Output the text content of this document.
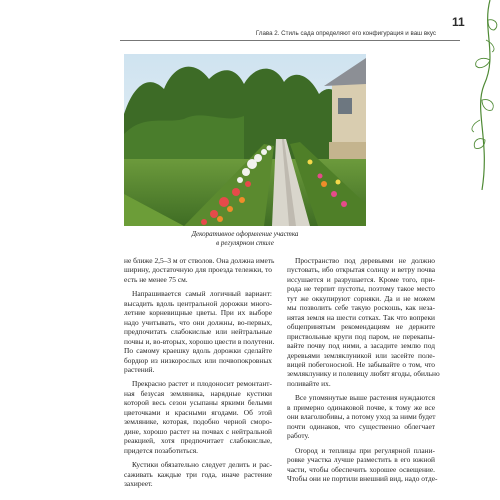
11
Глава 2. Стиль сада определяют его конфигурация и ваш вкус
Декоративное оформление участка
в регулярном стиле
не ближе 2,5–3 м от стволов. Она должна иметь
ширину, достаточную для проезда тележки, то
есть не менее 75 см.
Напрашивается самый логичный вариант:
высадить вдоль центральной дорожки много-
летние корневищные цветы. При их выборе
надо учитывать, что они должны, во-первых,
предпочитать слабокислые или нейтральные
почвы и, во-вторых, хорошо цвести в полутени.
По самому краешку вдоль дорожки сделайте
бордюр из низкорослых или почвопокровных
растений.
Прекрасно растет и плодоносит ремонтант-
ная безусая земляника, нарядные кустики
которой весь сезон усыпаны яркими белыми
цветочками и красными ягодами. Об этой
землянике, которая, подобно черной сморо-
дине, хорошо растет на почвах с нейтральной
реакцией, хотя предпочитает слабокислые,
придется позаботиться.
Кустики обязательно следует делить и рас-
саживать каждые три года, иначе растение
захиреет.
Пространство под деревьями не должно
пустовать, ибо открытая солнцу и ветру почва
иссушается и разрушается. Кроме того, при-
рода не терпит пустоты, поэтому такое место
тут же оккупируют сорняки. Да и не можем
мы позволить себе такую роскошь, как неза-
нятая земля на шести сотках. Так что вопреки
общепринятым рекомендациям не держите
приствольные круги под паром, не перекапы-
вайте почву под ними, а засадите землю под
деревьями земляклуникой или засейте поле-
вицей побегоносной. Не забывайте о том, что
земляклунику и полевицу любят ягоды, обильно
поливайте их.
Все упомянутые выше растения нуждаются
в примерно одинаковой почве, к тому же все
они влаголюбивы, а потому уход за ними будет
почти одинаков, что существенно облегчает
работу.
Огород и теплицы при регулярной плани-
ровке участка лучше разместить в его южной
части, чтобы обеспечить хорошее освещение.
Чтобы они не портили внешний вид, надо отде-
